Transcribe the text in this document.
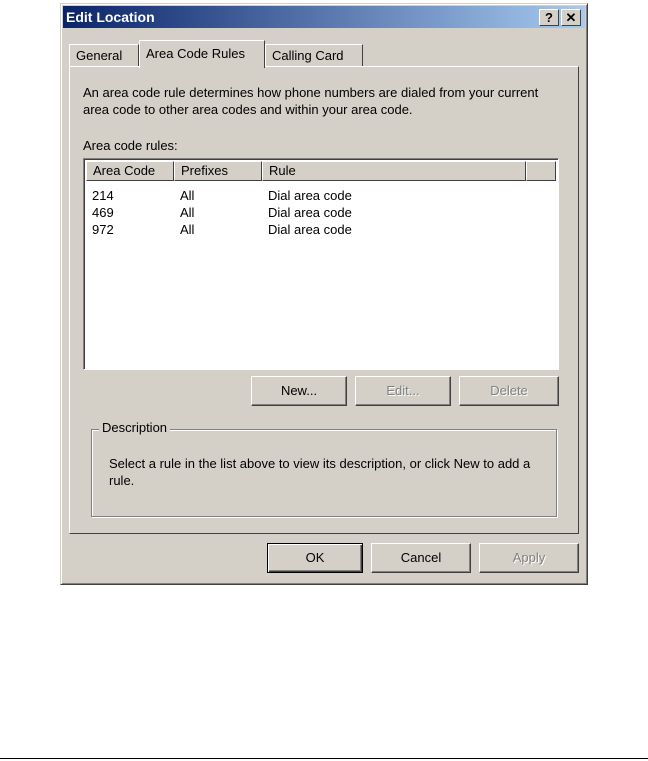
Edit Location	? ✕
General	Area Code Rules	Calling Card
An area code rule determines how phone numbers are dialed from your current area code to other area codes and within your area code.
Area code rules:
Area Code	Prefixes	Rule
214	All	Dial area code
469	All	Dial area code
972	All	Dial area code
New...	Edit...	Delete
Description
Select a rule in the list above to view its description, or click New to add a rule.
OK	Cancel	Apply
